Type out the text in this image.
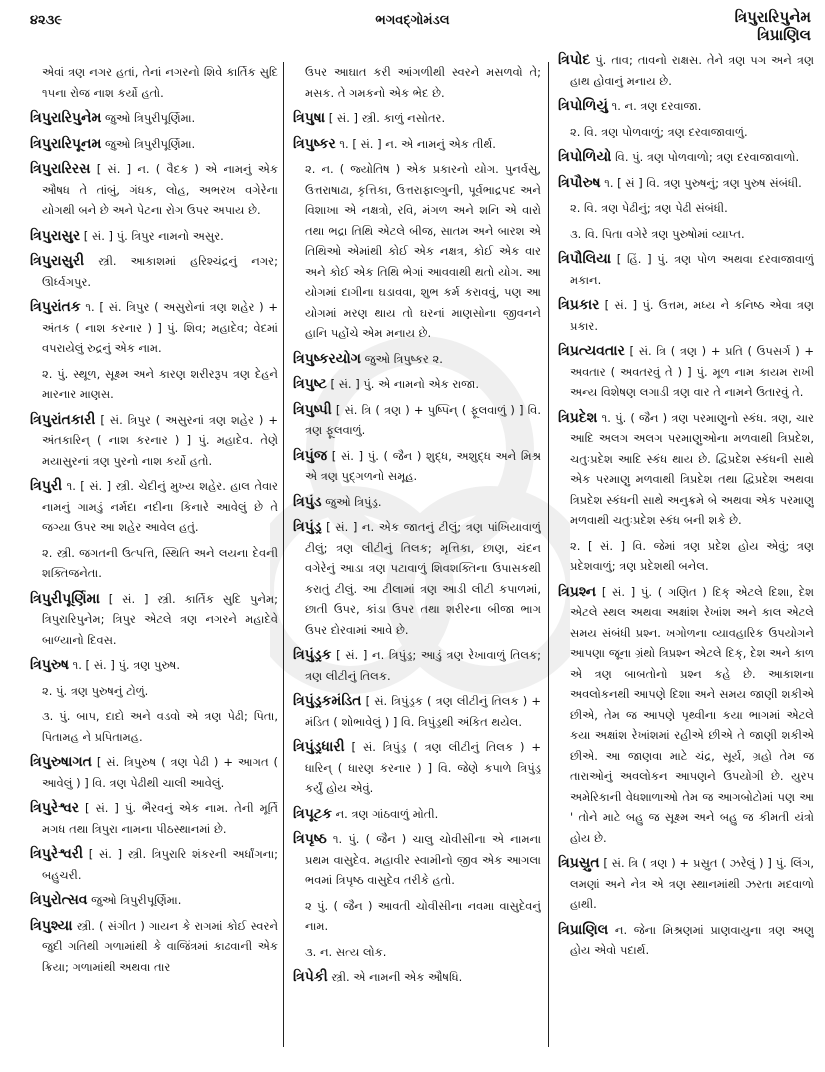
૪૨૩૯	ભગવદ્ગોમંડલ	ત્રિપુરારિપુનેમ
ત્રિપ્રાણિલ

એવાં ત્રણ નગર હતાં, તેનાં નગરનો શિવે કાર્તિક સુદિ ૧૫ના રોજ નાશ કર્યો હતો.

ત્રિપુરારિપુનેમ જુઓ ત્રિપુરીપૂર્ણિમા.

ત્રિપુરારિપૂનમ જુઓ ત્રિપુરીપૂર્ણિમા.

ત્રિપુરારિરસ [ સં. ] ન. ( વૈદક ) એ નામનું એક ઔષધ તે તાંબું, ગંધક, લોહ, અભરખ વગેરેના યોગથી બને છે અને પેટના રોગ ઉપર અપાય છે.

ત્રિપુરાસુર [ સં. ] પું. ત્રિપુર નામનો અસુર.

ત્રિપુરાસુરી સ્ત્રી. આકાશમાં હરિશ્ચંદ્રનું નગર; ઊર્ધ્વગપુર.

ત્રિપુરાંતક ૧. [ સં. ત્રિપુર ( અસુરોનાં ત્રણ શહેર ) + અંતક ( નાશ કરનાર ) ] પું. શિવ; મહાદેવ; વેદમાં વપરાયેલું રુદ્રનું એક નામ.

૨. પું. સ્થૂળ, સૂક્ષ્મ અને કારણ શરીરરૂપ ત્રણ દેહને મારનાર માણસ.

ત્રિપુરાંતકારી [ સં. ત્રિપુર ( અસુરનાં ત્રણ શહેર ) + અંતકારિન્ ( નાશ કરનાર ) ] પું. મહાદેવ. તેણે મયાસુરનાં ત્રણ પુરનો નાશ કર્યો હતો.

ત્રિપુરી ૧. [ સં. ] સ્ત્રી. ચેદીનું મુખ્ય શહેર. હાલ તેવાર નામનું ગામડું નર્મદા નદીના કિનારે આવેલું છે તે જગ્યા ઉપર આ શહેર આવેલ હતું.

૨. સ્ત્રી. જગતની ઉત્પત્તિ, સ્થિતિ અને લયના દેવની શક્તિજનેતા.

ત્રિપુરીપૂર્ણિમા [ સં. ] સ્ત્રી. કાર્તિક સુદિ પુનેમ; ત્રિપુરારિપુનેમ; ત્રિપુર એટલે ત્રણ નગરને મહાદેવે બાળ્યાનો દિવસ.

ત્રિપુરુષ ૧. [ સં. ] પું. ત્રણ પુરુષ.

૨. પું. ત્રણ પુરુષનું ટોળું.

૩. પું. બાપ, દાદો અને વડવો એ ત્રણ પેઢી; પિતા, પિતામહ ને પ્રપિતામહ.

ત્રિપુરુષાગત [ સં. ત્રિપુરુષ ( ત્રણ પેઢી ) + આગત ( આવેલું ) ] વિ. ત્રણ પેઢીથી ચાલી આવેલું.

ત્રિપુરેશ્વર [ સં. ] પું. ભૈરવનું એક નામ. તેની મૂર્તિ મગધ તથા ત્રિપુરા નામના પીઠસ્થાનમાં છે.

ત્રિપુરેશ્વરી [ સં. ] સ્ત્રી. ત્રિપુરારિ શંકરની અર્ધાંગના; બહુચરી.

ત્રિપુરોત્સવ જુઓ ત્રિપુરીપૂર્ણિમા.

ત્રિપુશ્યા સ્ત્રી. ( સંગીત ) ગાયન કે રાગમાં કોઈ સ્વરને જુદી ગતિથી ગળામાંથી કે વાજિંત્રમાં કાઢવાની એક ક્રિયા; ગળામાંથી અથવા તાર

ઉપર આઘાત કરી આંગળીથી સ્વરને મસળવો તે; મસક. તે ગમકનો એક ભેદ છે.

ત્રિપુષા [ સં. ] સ્ત્રી. કાળું નસોતર.

ત્રિપુષ્કર ૧. [ સં. ] ન. એ નામનું એક તીર્થ.

૨. ન. ( જ્યોતિષ ) એક પ્રકારનો યોગ. પુનર્વસુ, ઉત્તરાષાઢા, કૃત્તિકા, ઉત્તરાફાલ્ગુની, પૂર્વભાદ્રપદ અને વિશાખા એ નક્ષત્રો, રવિ, મંગળ અને શનિ એ વારો તથા ભદ્રા તિથિ એટલે બીજ, સાતમ અને બારશ એ તિથિઓ એમાંથી કોઈ એક નક્ષત્ર, કોઈ એક વાર અને કોઈ એક તિથિ ભેગાં આવવાથી થતો યોગ. આ યોગમાં દાગીના ઘડાવવા, શુભ કર્મ કરાવવું, પણ આ યોગમાં મરણ થાય તો ઘરનાં માણસોના જીવનને હાનિ પહોંચે એમ મનાય છે.

ત્રિપુષ્કરયોગ જુઓ ત્રિપુષ્કર ૨.

ત્રિપુષ્ટ [ સં. ] પું. એ નામનો એક રાજા.

ત્રિપુષ્પી [ સં. ત્રિ ( ત્રણ ) + પુષ્પિન્ ( ફૂલવાળું ) ] વિ. ત્રણ ફૂલવાળું.

ત્રિપુંજ [ સં. ] પું. ( જૈન ) શુદ્ધ, અશુદ્ધ અને મિશ્ર એ ત્રણ પુદ્ગળનો સમૂહ.

ત્રિપુંડ જુઓ ત્રિપુંડ્ર.

ત્રિપુંડ્ર [ સં. ] ન. એક જાતનું ટીલું; ત્રણ પાંખિયાવાળું ટીલું; ત્રણ લીટીનું તિલક; મૃત્તિકા, છાણ, ચંદન વગેરેનું આડા ત્રણ પટાવાળું શિવશક્તિના ઉપાસકથી કરાતું ટીલું. આ ટીલામાં ત્રણ આડી લીટી કપાળમાં, છાતી ઉપર, કાંડા ઉપર તથા શરીરના બીજા ભાગ ઉપર દોરવામાં આવે છે.

ત્રિપુંડ્રક [ સં. ] ન. ત્રિપુંડ્ર; આડું ત્રણ રેખાવાળું તિલક; ત્રણ લીટીનું તિલક.

ત્રિપુંડ્રકમંડિત [ સં. ત્રિપુંડ્રક ( ત્રણ લીટીનું તિલક ) + મંડિત ( શોભાવેલું ) ] વિ. ત્રિપુંડ્રથી અંકિત થયેલ.

ત્રિપુંડ્રધારી [ સં. ત્રિપુંડ્ર ( ત્રણ લીટીનું તિલક ) + ધારિન્ ( ધારણ કરનાર ) ] વિ. જેણે કપાળે ત્રિપુંડ્ર કર્યું હોય એવું.

ત્રિપૂટક ન. ત્રણ ગાંઠવાળું મોતી.

ત્રિપૃષ્ઠ ૧. પું. ( જૈન ) ચાલુ ચોવીસીના એ નામના પ્રથમ વાસુદેવ. મહાવીર સ્વામીનો જીવ એક આગલા ભવમાં ત્રિપૃષ્ઠ વાસુદેવ તરીકે હતો.

૨ પું. ( જૈન ) આવતી ચોવીસીના નવમા વાસુદેવનું નામ.

૩. ન. સત્ય લોક.

ત્રિપેકી સ્ત્રી. એ નામની એક ઔષધિ.

ત્રિપોદ પું. તાવ; તાવનો રાક્ષસ. તેને ત્રણ પગ અને ત્રણ હાથ હોવાનું મનાય છે.

ત્રિપોળિયું ૧. ન. ત્રણ દરવાજા.

૨. વિ. ત્રણ પોળવાળું; ત્રણ દરવાજાવાળું.

ત્રિપોળિયો વિ. પું. ત્રણ પોળવાળો; ત્રણ દરવાજાવાળો.

ત્રિપૌરુષ ૧. [ સં ] વિ. ત્રણ પુરુષનું; ત્રણ પુરુષ સંબંધી.

૨. વિ. ત્રણ પેઢીનું; ત્રણ પેઢી સંબંધી.

૩. વિ. પિતા વગેરે ત્રણ પુરુષોમાં વ્યાપ્ત.

ત્રિપૌલિયા [ હિં. ] પું. ત્રણ પોળ અથવા દરવાજાવાળું મકાન.

ત્રિપ્રકાર [ સં. ] પું. ઉત્તમ, મધ્ય ને કનિષ્ઠ એવા ત્રણ પ્રકાર.

ત્રિપ્રત્યવતાર [ સં. ત્રિ ( ત્રણ ) + પ્રતિ ( ઉપસર્ગ ) + અવતાર ( અવતરવું તે ) ] પું. મૂળ નામ કાયમ રાખી અન્ય વિશેષણ લગાડી ત્રણ વાર તે નામને ઉતારવું તે.

ત્રિપ્રદેશ ૧. પું. ( જૈન ) ત્રણ પરમાણુનો સ્કંધ. ત્રણ, ચાર આદિ અલગ અલગ પરમાણુઓના મળવાથી ત્રિપ્રદેશ, ચતુઃપ્રદેશ આદિ સ્કંધ થાય છે. દ્વિપ્રદેશ સ્કંધની સાથે એક પરમાણુ મળવાથી ત્રિપ્રદેશ તથા દ્વિપ્રદેશ અથવા ત્રિપ્રદેશ સ્કંધની સાથે અનુક્રમે બે અથવા એક પરમાણુ મળવાથી ચતુઃપ્રદેશ સ્કંધ બની શકે છે.

૨. [ સં. ] વિ. જેમાં ત્રણ પ્રદેશ હોય એવું; ત્રણ પ્રદેશવાળું; ત્રણ પ્રદેશથી બનેલ.

ત્રિપ્રશ્ન [ સં. ] પું. ( ગણિત ) દિક્ એટલે દિશા, દેશ એટલે સ્થલ અથવા અક્ષાંશ રેખાંશ અને કાલ એટલે સમય સંબંધી પ્રશ્ન. ખગોળના વ્યાવહારિક ઉપયોગને આપણા જૂના ગ્રંથો ત્રિપ્રશ્ન એટલે દિક્, દેશ અને કાળ એ ત્રણ બાબતોનો પ્રશ્ન કહે છે. આકાશના અવલોકનથી આપણે દિશા અને સમય જાણી શકીએ છીએ, તેમ જ આપણે પૃથ્વીના કયા ભાગમાં એટલે કયા અક્ષાંશ રેખાંશમાં રહીએ છીએ તે જાણી શકીએ છીએ. આ જાણવા માટે ચંદ્ર, સૂર્ય, ગ્રહો તેમ જ તારાઓનું અવલોકન આપણને ઉપયોગી છે. યુરપ અમેરિકાની વેધશાળાઓ તેમ જ આગબોટોમાં પણ આ ' તોને માટે બહુ જ સૂક્ષ્મ અને બહુ જ કીમતી યંત્રો હોય છે.

ત્રિપ્રસ્રુત [ સં. ત્રિ ( ત્રણ ) + પ્રસ્રુત ( ઝરેલું ) ] પું. લિંગ, લમણાં અને નેત્ર એ ત્રણ સ્થાનમાંથી ઝરતા મદવાળો હાથી.

ત્રિપ્રાણિલ ન. જેના મિશ્રણમાં પ્રાણવાયુના ત્રણ અણુ હોય એવો પદાર્થ.
